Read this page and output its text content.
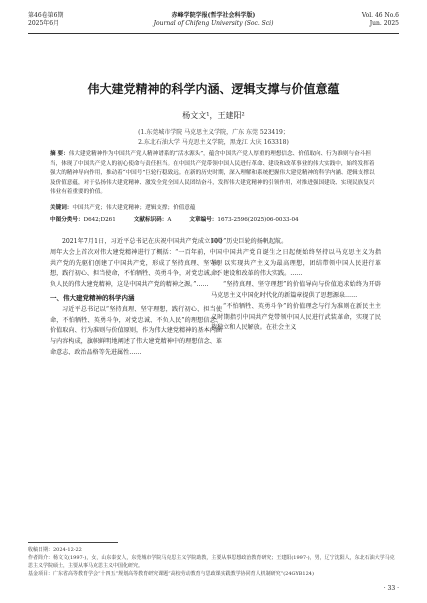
第46卷第6期
2025年6月
赤峰学院学报(哲学社会科学版)
Journal of Chifeng University (Soc. Sci)
Vol. 46 No.6
Jun. 2025
伟大建党精神的科学内涵、逻辑支撑与价值意蕴
杨文文¹，王建阳²
(1.东莞城市学院 马克思主义学院，广东 东莞 523419；
2.东北石油大学 马克思主义学院，黑龙江 大庆 163318)
摘 要：伟大建党精神作为中国共产党人精神谱系的“活水源头”，蕴含中国共产党人厚重的理想信念、价值取向、行为准则与奋斗担当，体现了中国共产党人的初心使命与责任担当。在中国共产党带领中国人民进行革命、建设和改革事业的伟大实践中，始终发挥着强大的精神导向作用，推动着“中国号”巨轮行稳致远。在新的历史时期，深入理解和系统把握伟大建党精神的科学内涵、逻辑支撑以及价值意蕴，对于弘扬伟大建党精神、激发全党全国人民团结奋斗，发挥伟大建党精神的引领作用，对推进强国建设、实现民族复兴伟业有着重要的价值。
关键词：中国共产党；伟大建党精神；逻辑支撑；价值意蕴
中图分类号：D642;D261	文献标识码：A	文章编号：1673-2596(2025)06-0033-04

2021年7月1日，习近平总书记在庆祝中国共产党成立100周年大会上首次对伟大建党精神进行了概括：“一百年前，中国共产党的先驱们创建了中国共产党，形成了坚持真理、坚守理想，践行初心、担当使命，不怕牺牲、英勇斗争，对党忠诚、不负人民的伟大建党精神，这是中国共产党的精神之源。”……

一、伟大建党精神的科学内涵

习近平总书记以“坚持真理、坚守理想，践行初心、担当使命，不怕牺牲、英勇斗争，对党忠诚、不负人民”的理想信念、价值取向、行为准则与价值原则，作为伟大建党精神的基本内涵与内容构成，旗帜鲜明地阐述了伟大建党精神中的理想信念、革命意志、政治品格等先进属性……

国号”历史巨轮的扬帆起航。

中国共产党自诞生之日起便始终坚持以马克思主义为指导，以实现共产主义为最高理想，团结带领中国人民进行革命、建设和改革的伟大实践。……

“坚持真理、坚守理想”的价值导向与价值追求始终为开辟马克思主义中国化时代化的新篇章提供了思想源泉……

“不怕牺牲、英勇斗争”的价值理念与行为准则在新民主主义时期指引中国共产党带领中国人民进行武装革命，实现了民族独立和人民解放。在社会主义

收稿日期：2024-12-22
作者简介：杨文文(1997-)，女，山东泰安人，东莞城市学院马克思主义学院助教，主要从事思想政治教育研究；王建阳(1997-)，男，辽宁沈阳人，东北石油大学马克思主义学院硕士，主要从事马克思主义中国化研究。
基金项目：广东省高等教育学会“十四五”规划高等教育研究课题“高校劳动教育与思政课实践教学协同育人机制研究”(24GYB124)
· 33 ·
